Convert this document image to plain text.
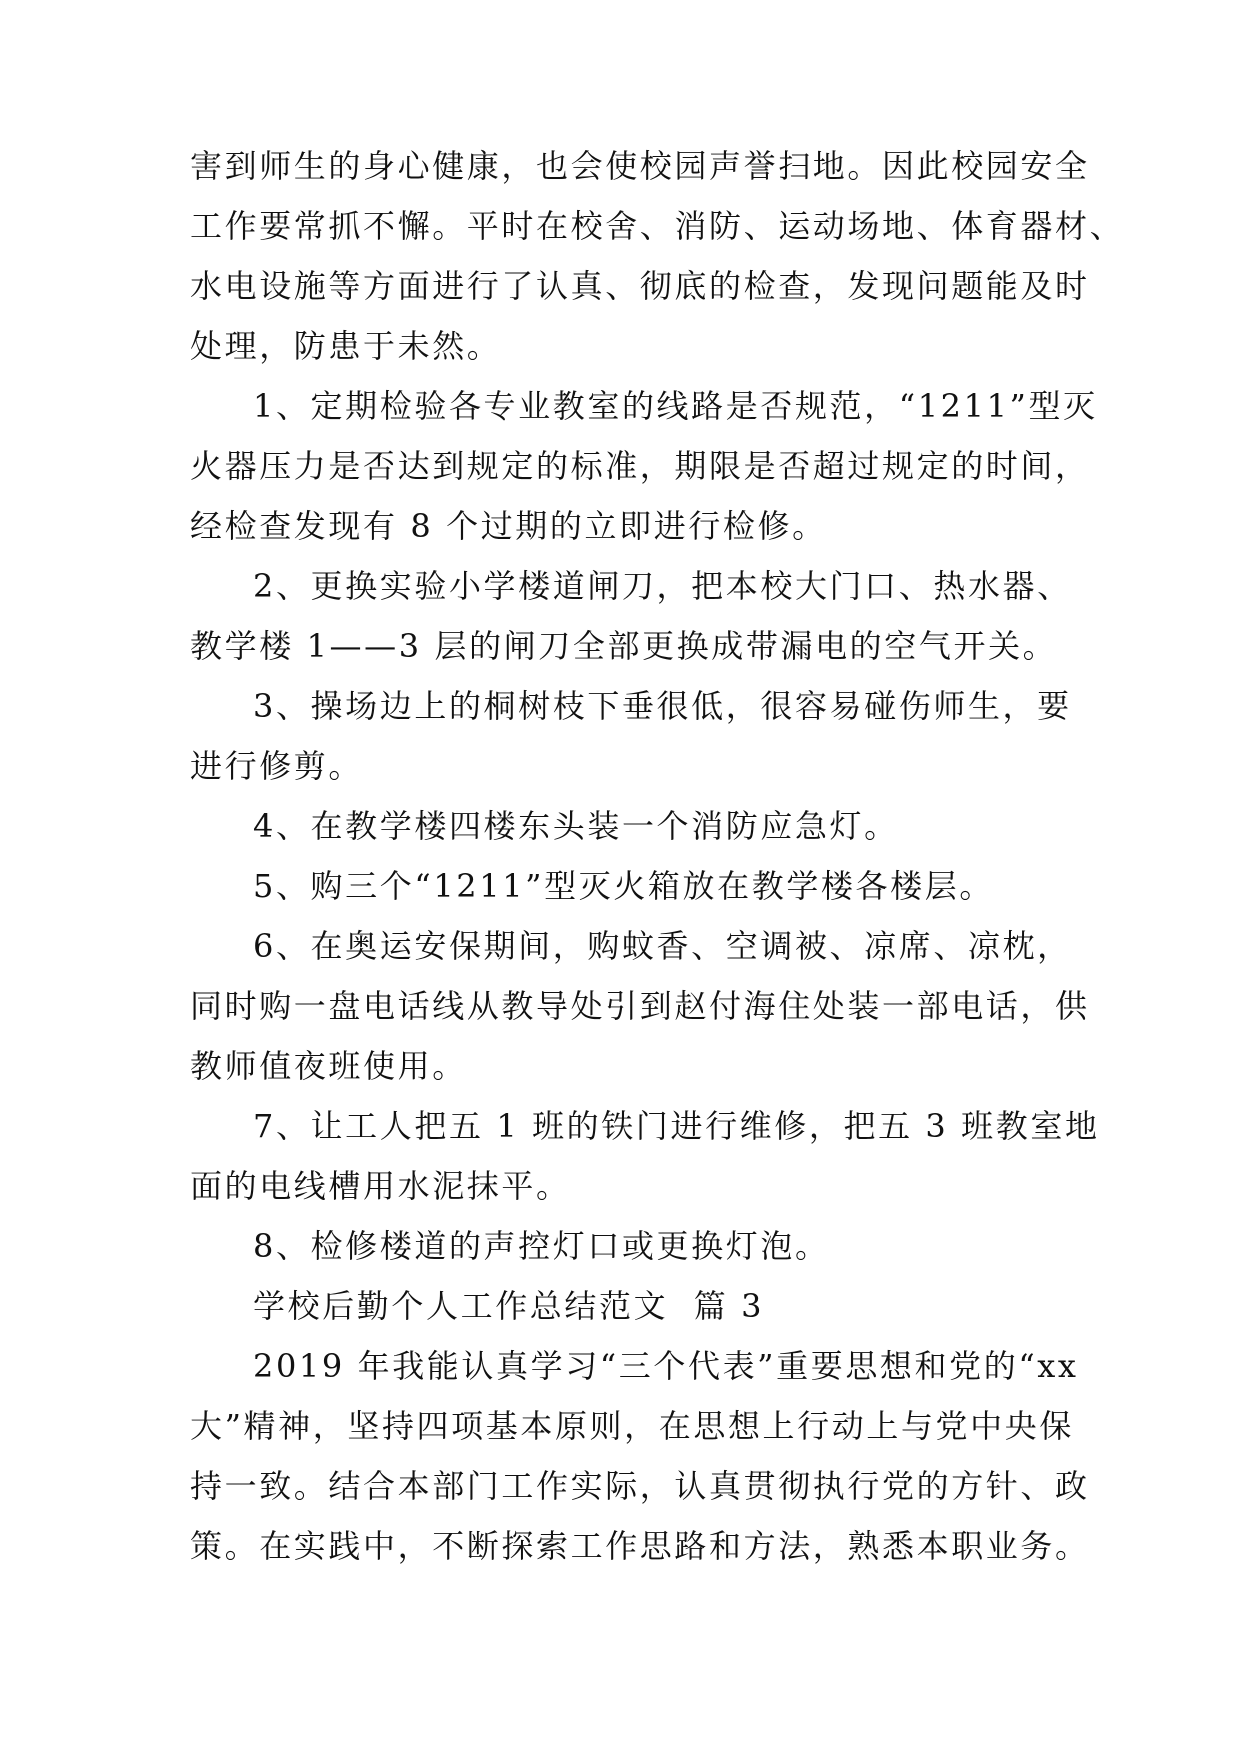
害到师生的身心健康，也会使校园声誉扫地。因此校园安全
工作要常抓不懈。平时在校舍、消防、运动场地、体育器材、
水电设施等方面进行了认真、彻底的检查，发现问题能及时
处理，防患于未然。
1、定期检验各专业教室的线路是否规范，“1211”型灭
火器压力是否达到规定的标准，期限是否超过规定的时间，
经检查发现有 8 个过期的立即进行检修。
2、更换实验小学楼道闸刀，把本校大门口、热水器、
教学楼 1——3 层的闸刀全部更换成带漏电的空气开关。
3、操场边上的桐树枝下垂很低，很容易碰伤师生，要
进行修剪。
4、在教学楼四楼东头装一个消防应急灯。
5、购三个“1211”型灭火箱放在教学楼各楼层。
6、在奥运安保期间，购蚊香、空调被、凉席、凉枕，
同时购一盘电话线从教导处引到赵付海住处装一部电话，供
教师值夜班使用。
7、让工人把五 1 班的铁门进行维修，把五 3 班教室地
面的电线槽用水泥抹平。
8、检修楼道的声控灯口或更换灯泡。
学校后勤个人工作总结范文  篇 3
2019 年我能认真学习“三个代表”重要思想和党的“xx
大”精神，坚持四项基本原则，在思想上行动上与党中央保
持一致。结合本部门工作实际，认真贯彻执行党的方针、政
策。在实践中，不断探索工作思路和方法，熟悉本职业务。
